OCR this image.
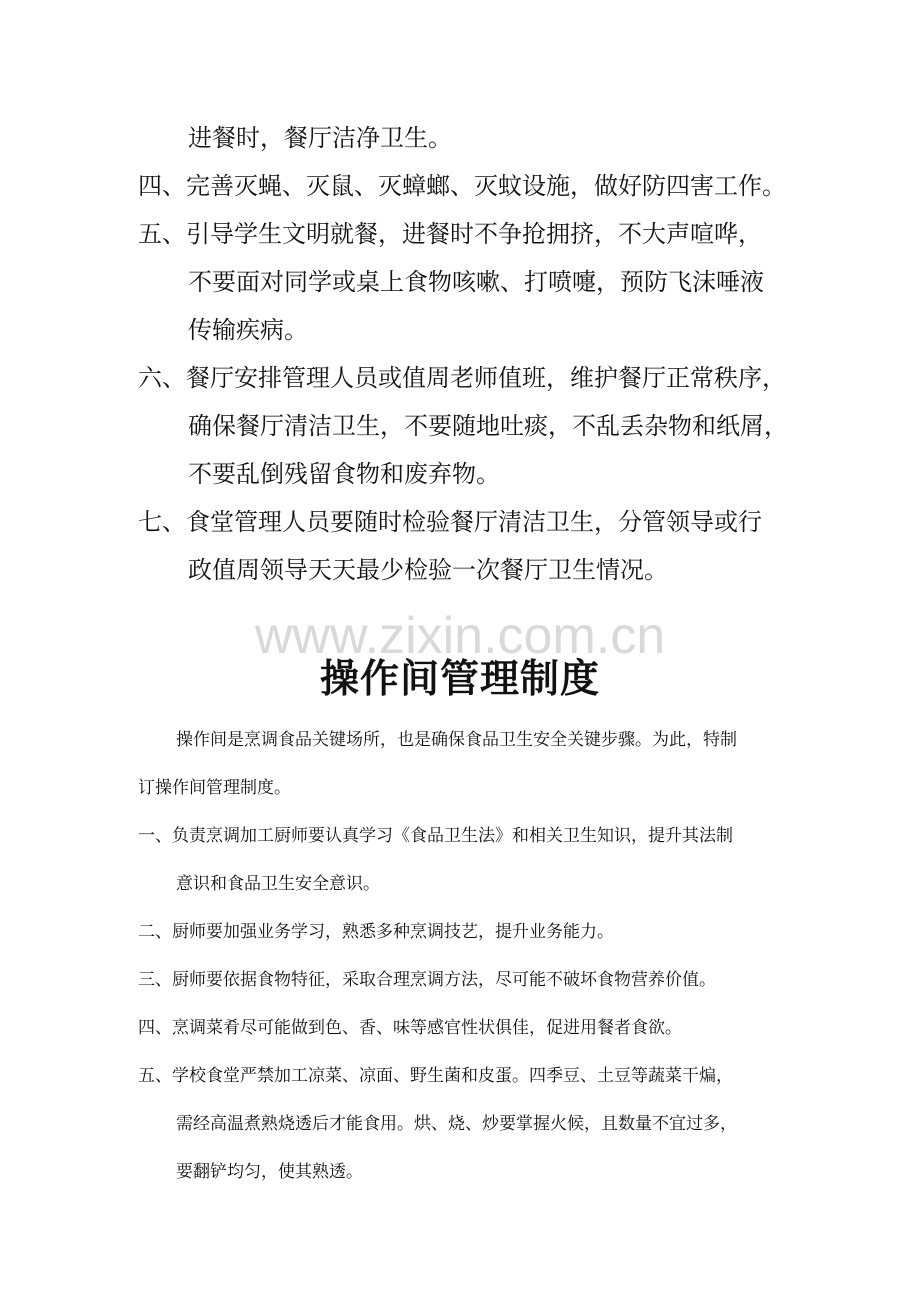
进餐时，餐厅洁净卫生。
四、完善灭蝇、灭鼠、灭蟑螂、灭蚊设施，做好防四害工作。
五、引导学生文明就餐，进餐时不争抢拥挤，不大声喧哗，
不要面对同学或桌上食物咳嗽、打喷嚏，预防飞沫唾液
传输疾病。
六、餐厅安排管理人员或值周老师值班，维护餐厅正常秩序，
确保餐厅清洁卫生，不要随地吐痰，不乱丢杂物和纸屑，
不要乱倒残留食物和废弃物。
七、食堂管理人员要随时检验餐厅清洁卫生，分管领导或行
政值周领导天天最少检验一次餐厅卫生情况。
www.zixin.com.cn
操作间管理制度
操作间是烹调食品关键场所，也是确保食品卫生安全关键步骤。为此，特制
订操作间管理制度。
一、负责烹调加工厨师要认真学习《食品卫生法》和相关卫生知识，提升其法制
意识和食品卫生安全意识。
二、厨师要加强业务学习，熟悉多种烹调技艺，提升业务能力。
三、厨师要依据食物特征，采取合理烹调方法，尽可能不破坏食物营养价值。
四、烹调菜肴尽可能做到色、香、味等感官性状俱佳，促进用餐者食欲。
五、学校食堂严禁加工凉菜、凉面、野生菌和皮蛋。四季豆、土豆等蔬菜干煸，
需经高温煮熟烧透后才能食用。烘、烧、炒要掌握火候，且数量不宜过多，
要翻铲均匀，使其熟透。
